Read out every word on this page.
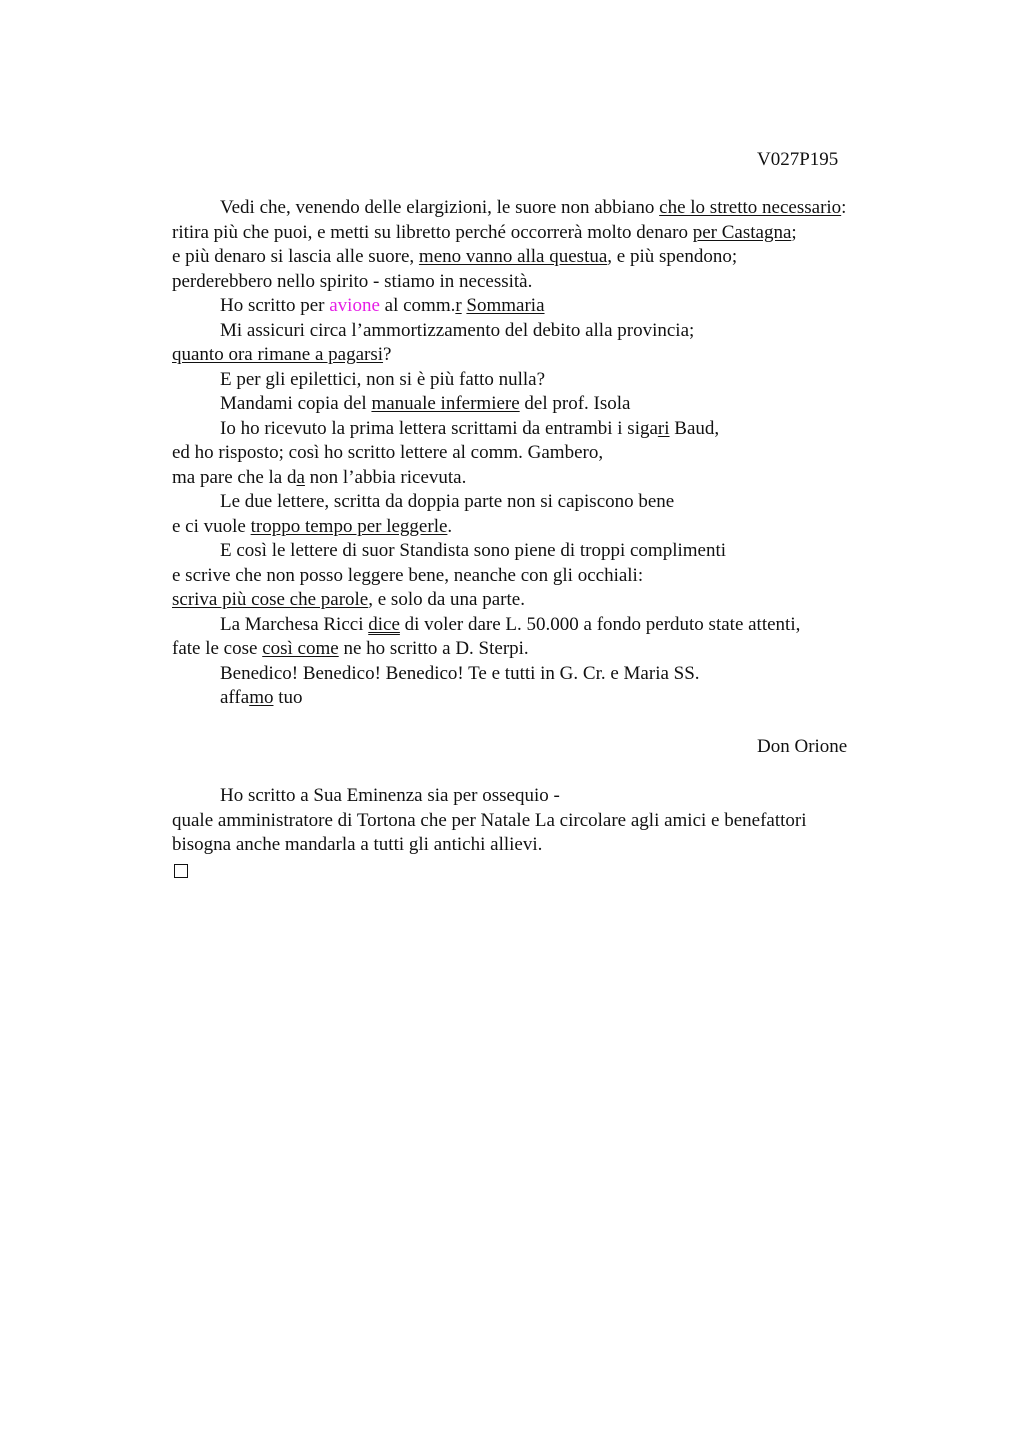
V027P195
Vedi che, venendo delle elargizioni, le suore non abbiano che lo stretto necessario:
ritira più che puoi, e metti su libretto perché occorrerà molto denaro per Castagna;
e più denaro si lascia alle suore, meno vanno alla questua, e più spendono;
perderebbero nello spirito - stiamo in necessità.
Ho scritto per avione al comm.r Sommaria
Mi assicuri circa l’ammortizzamento del debito alla provincia;
quanto ora rimane a pagarsi?
E per gli epilettici, non si è più fatto nulla?
Mandami copia del manuale infermiere del prof. Isola
Io ho ricevuto la prima lettera scrittami da entrambi i sigari Baud,
ed ho risposto; così ho scritto lettere al comm. Gambero,
ma pare che la da non l’abbia ricevuta.
Le due lettere, scritta da doppia parte non si capiscono bene
e ci vuole troppo tempo per leggerle.
E così le lettere di suor Standista sono piene di troppi complimenti
e scrive che non posso leggere bene, neanche con gli occhiali:
scriva più cose che parole, e solo da una parte.
La Marchesa Ricci dice di voler dare L. 50.000 a fondo perduto state attenti,
fate le cose così come ne ho scritto a D. Sterpi.
Benedico! Benedico! Benedico! Te e tutti in G. Cr. e Maria SS.
affamo tuo
Don Orione
Ho scritto a Sua Eminenza sia per ossequio -
quale amministratore di Tortona che per Natale La circolare agli amici e benefattori
bisogna anche mandarla a tutti gli antichi allievi.
